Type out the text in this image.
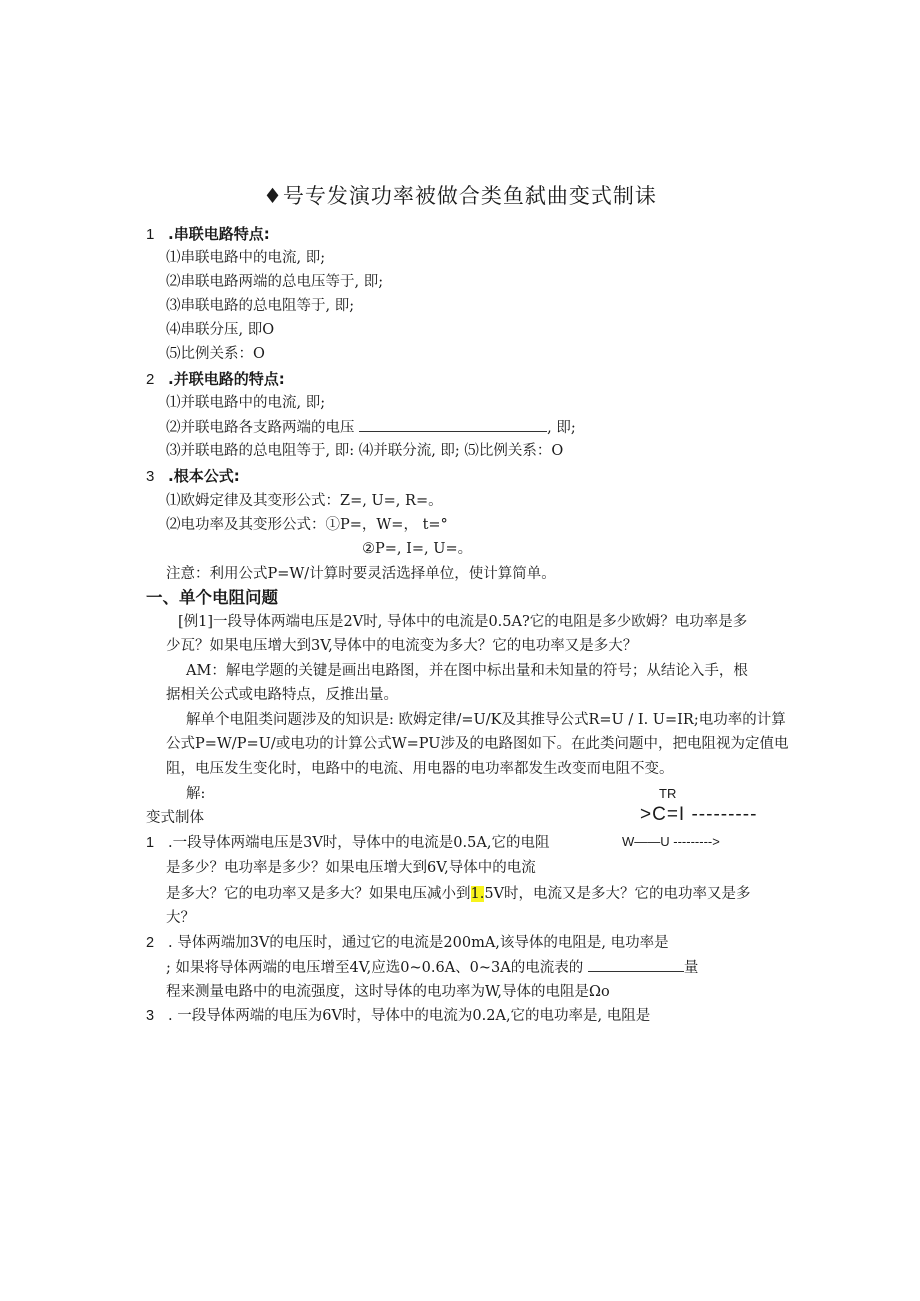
♦号专发演功率被做合类鱼弑曲变式制诔
1 .串联电路特点:
⑴串联电路中的电流, 即;
⑵串联电路两端的总电压等于, 即;
⑶串联电路的总电阻等于, 即;
⑷串联分压, 即O
⑸比例关系：O
2 .并联电路的特点:
⑴并联电路中的电流, 即;
⑵并联电路各支路两端的电压	, 即;
⑶并联电路的总电阻等于, 即: ⑷并联分流, 即; ⑸比例关系：O
3 .根本公式:
⑴欧姆定律及其变形公式：Z=, U=, R=。
⑵电功率及其变形公式：①P=，W=， t=°
②P=, I=, U=。
注意：利用公式P=W/计算时要灵活选择单位，使计算简单。
一、单个电阻问题
[例1]一段导体两端电压是2V时, 导体中的电流是0.5A?它的电阻是多少欧姆？电功率是多
少瓦？如果电压增大到3V,导体中的电流变为多大？它的电功率又是多大？
AM：解电学题的关键是画出电路图，并在图中标出量和未知量的符号；从结论入手，根
据相关公式或电路特点，反推出量。
解单个电阻类问题涉及的知识是: 欧姆定律/=U/K及其推导公式R=U / I. U=IR;电功率的计算
公式P=W/P=U/或电功的计算公式W=PU涉及的电路图如下。在此类问题中，把电阻视为定值电
阻，电压发生变化时，电路中的电流、用电器的电功率都发生改变而电阻不变。
解:
变式制体
TR
>C=I ---------
W——U --------->
1 .一段导体两端电压是3V时，导体中的电流是0.5A,它的电阻
是多少？电功率是多少？如果电压增大到6V,导体中的电流
是多大？它的电功率又是多大？如果电压减小到1.5V时，电流又是多大？它的电功率又是多
大？
2 . 导体两端加3V的电压时，通过它的电流是200mA,该导体的电阻是, 电功率是
; 如果将导体两端的电压增至4V,应选0~0.6A、0~3A的电流表的	量
程来测量电路中的电流强度，这时导体的电功率为W,导体的电阻是Ωo
3 . 一段导体两端的电压为6V时，导体中的电流为0.2A,它的电功率是, 电阻是
